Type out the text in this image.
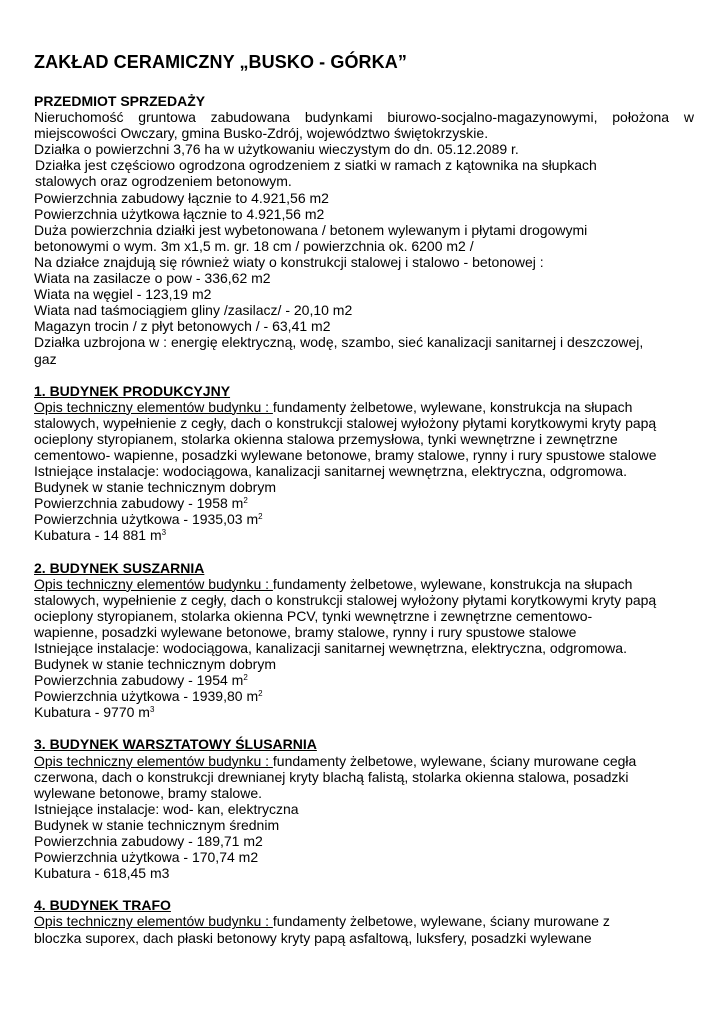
ZAKŁAD CERAMICZNY „BUSKO - GÓRKA”
PRZEDMIOT SPRZEDAŻY
Nieruchomość gruntowa zabudowana budynkami biurowo-socjalno-magazynowymi, położona w
miejscowości Owczary, gmina Busko-Zdrój, województwo świętokrzyskie.
Działka o powierzchni 3,76 ha w użytkowaniu wieczystym do dn. 05.12.2089 r.
Działka jest częściowo ogrodzona ogrodzeniem z siatki w ramach z kątownika na słupkach
stalowych oraz ogrodzeniem betonowym.
Powierzchnia zabudowy łącznie to 4.921,56 m2
Powierzchnia użytkowa łącznie to 4.921,56 m2
Duża powierzchnia działki jest wybetonowana / betonem wylewanym i płytami drogowymi
betonowymi o wym. 3m x1,5 m. gr. 18 cm / powierzchnia ok. 6200 m2 /
Na działce znajdują się również wiaty o konstrukcji stalowej i stalowo - betonowej :
Wiata na zasilacze o pow - 336,62 m2
Wiata na węgiel - 123,19 m2
Wiata nad taśmociągiem gliny /zasilacz/ - 20,10 m2
Magazyn trocin / z płyt betonowych / - 63,41 m2
Działka uzbrojona w : energię elektryczną, wodę, szambo, sieć kanalizacji sanitarnej i deszczowej,
gaz
1. BUDYNEK PRODUKCYJNY
Opis techniczny elementów budynku : fundamenty żelbetowe, wylewane, konstrukcja na słupach
stalowych, wypełnienie z cegły, dach o konstrukcji stalowej wyłożony płytami korytkowymi kryty papą
ocieplony styropianem, stolarka okienna stalowa przemysłowa, tynki wewnętrzne i zewnętrzne
cementowo- wapienne, posadzki wylewane betonowe, bramy stalowe, rynny i rury spustowe stalowe
Istniejące instalacje: wodociągowa, kanalizacji sanitarnej wewnętrzna, elektryczna, odgromowa.
Budynek w stanie technicznym dobrym
Powierzchnia zabudowy - 1958 $m^2$
Powierzchnia użytkowa - 1935,03 $m^2$
Kubatura - 14 881 $m^3$
2. BUDYNEK SUSZARNIA
Opis techniczny elementów budynku : fundamenty żelbetowe, wylewane, konstrukcja na słupach
stalowych, wypełnienie z cegły, dach o konstrukcji stalowej wyłożony płytami korytkowymi kryty papą
ocieplony styropianem, stolarka okienna PCV, tynki wewnętrzne i zewnętrzne cementowo-
wapienne, posadzki wylewane betonowe, bramy stalowe, rynny i rury spustowe stalowe
Istniejące instalacje: wodociągowa, kanalizacji sanitarnej wewnętrzna, elektryczna, odgromowa.
Budynek w stanie technicznym dobrym
Powierzchnia zabudowy - 1954 $m^2$
Powierzchnia użytkowa - 1939,80 $m^2$
Kubatura - 9770 $m^3$
3. BUDYNEK WARSZTATOWY ŚLUSARNIA
Opis techniczny elementów budynku : fundamenty żelbetowe, wylewane, ściany murowane cegła
czerwona, dach o konstrukcji drewnianej kryty blachą falistą, stolarka okienna stalowa, posadzki
wylewane betonowe, bramy stalowe.
Istniejące instalacje: wod- kan, elektryczna
Budynek w stanie technicznym średnim
Powierzchnia zabudowy - 189,71 m2
Powierzchnia użytkowa - 170,74 m2
Kubatura - 618,45 m3
4. BUDYNEK TRAFO
Opis techniczny elementów budynku : fundamenty żelbetowe, wylewane, ściany murowane z
bloczka suporex, dach płaski betonowy kryty papą asfaltową, luksfery, posadzki wylewane
